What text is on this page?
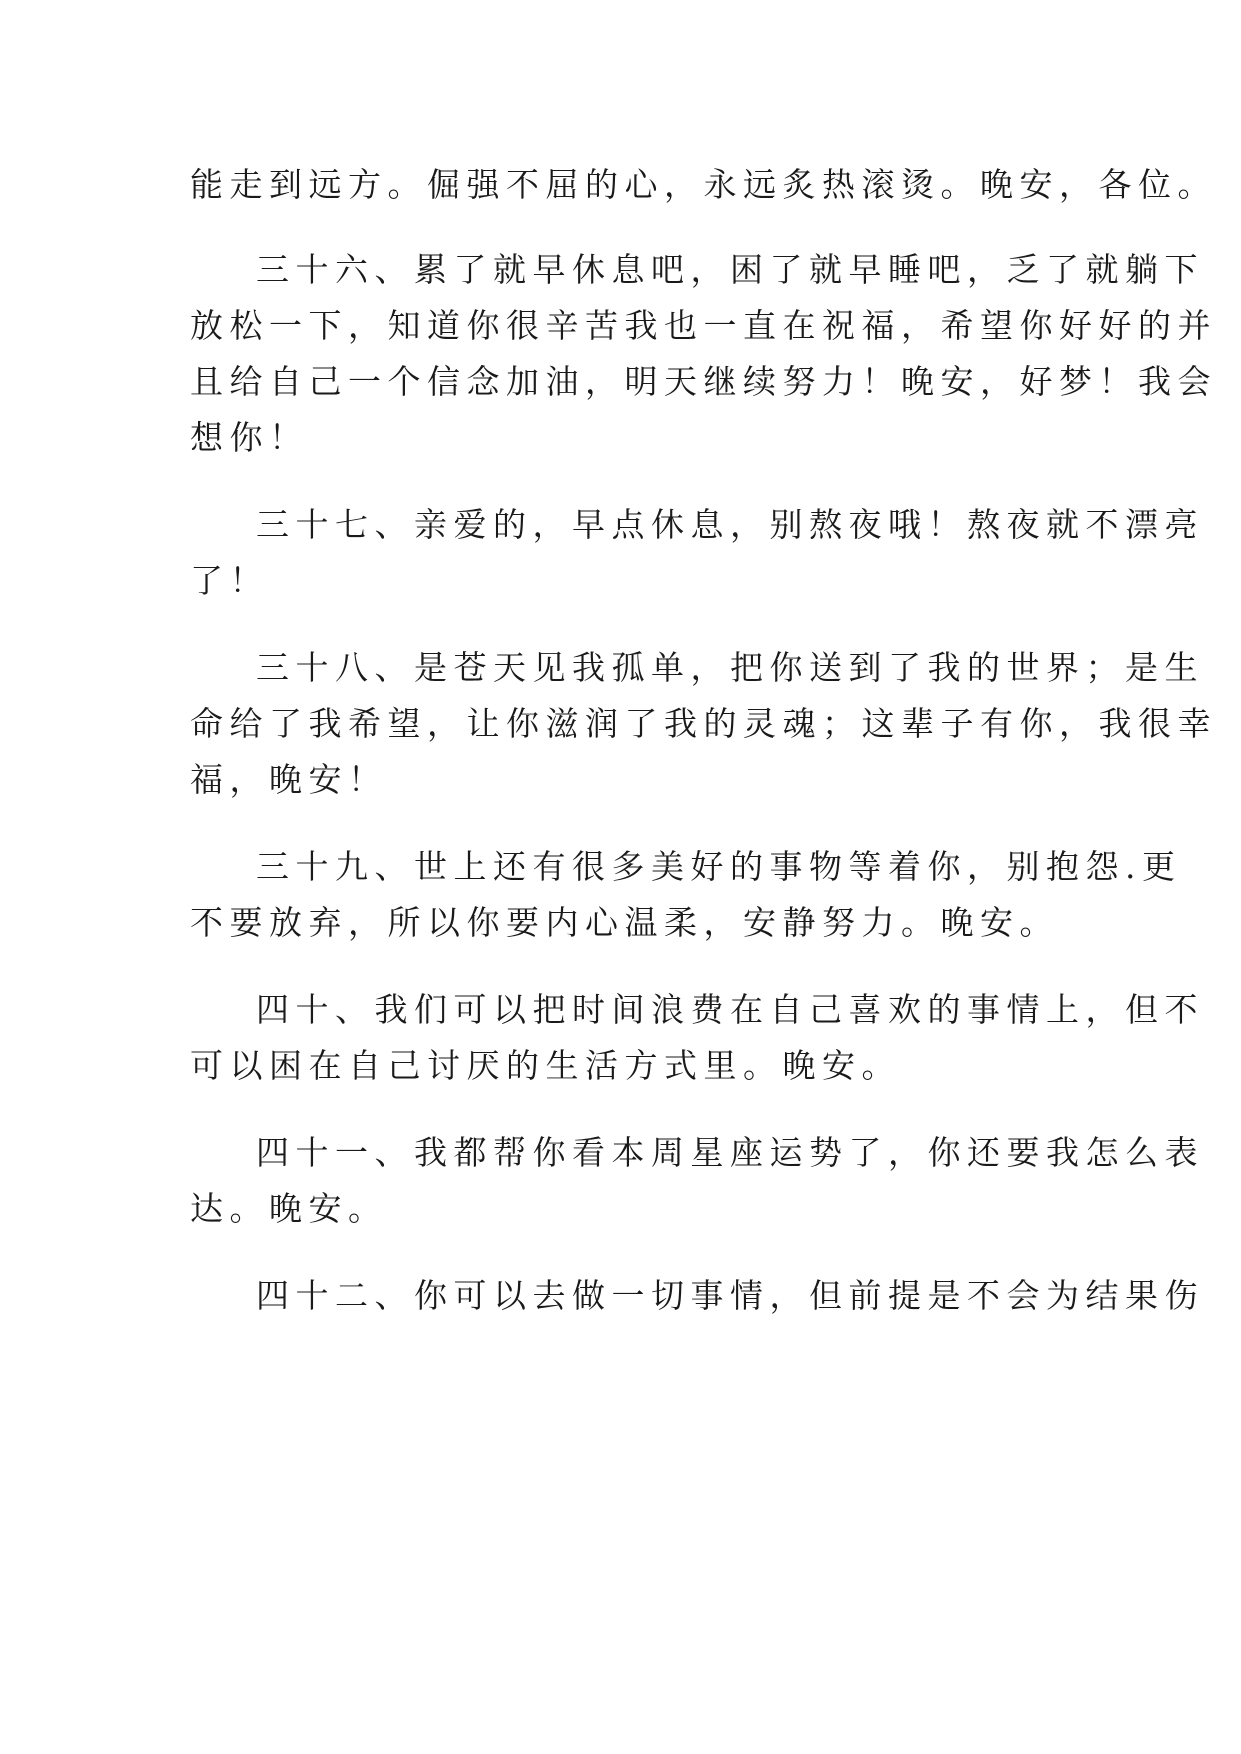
能走到远方。倔强不屈的心，永远炙热滚烫。晚安，各位。
三十六、累了就早休息吧，困了就早睡吧，乏了就躺下
放松一下，知道你很辛苦我也一直在祝福，希望你好好的并
且给自己一个信念加油，明天继续努力！晚安，好梦！我会
想你！
三十七、亲爱的，早点休息，别熬夜哦！熬夜就不漂亮
了！
三十八、是苍天见我孤单，把你送到了我的世界；是生
命给了我希望，让你滋润了我的灵魂；这辈子有你，我很幸
福，晚安！
三十九、世上还有很多美好的事物等着你，别抱怨.更
不要放弃，所以你要内心温柔，安静努力。晚安。
四十、我们可以把时间浪费在自己喜欢的事情上，但不
可以困在自己讨厌的生活方式里。晚安。
四十一、我都帮你看本周星座运势了，你还要我怎么表
达。晚安。
四十二、你可以去做一切事情，但前提是不会为结果伤
